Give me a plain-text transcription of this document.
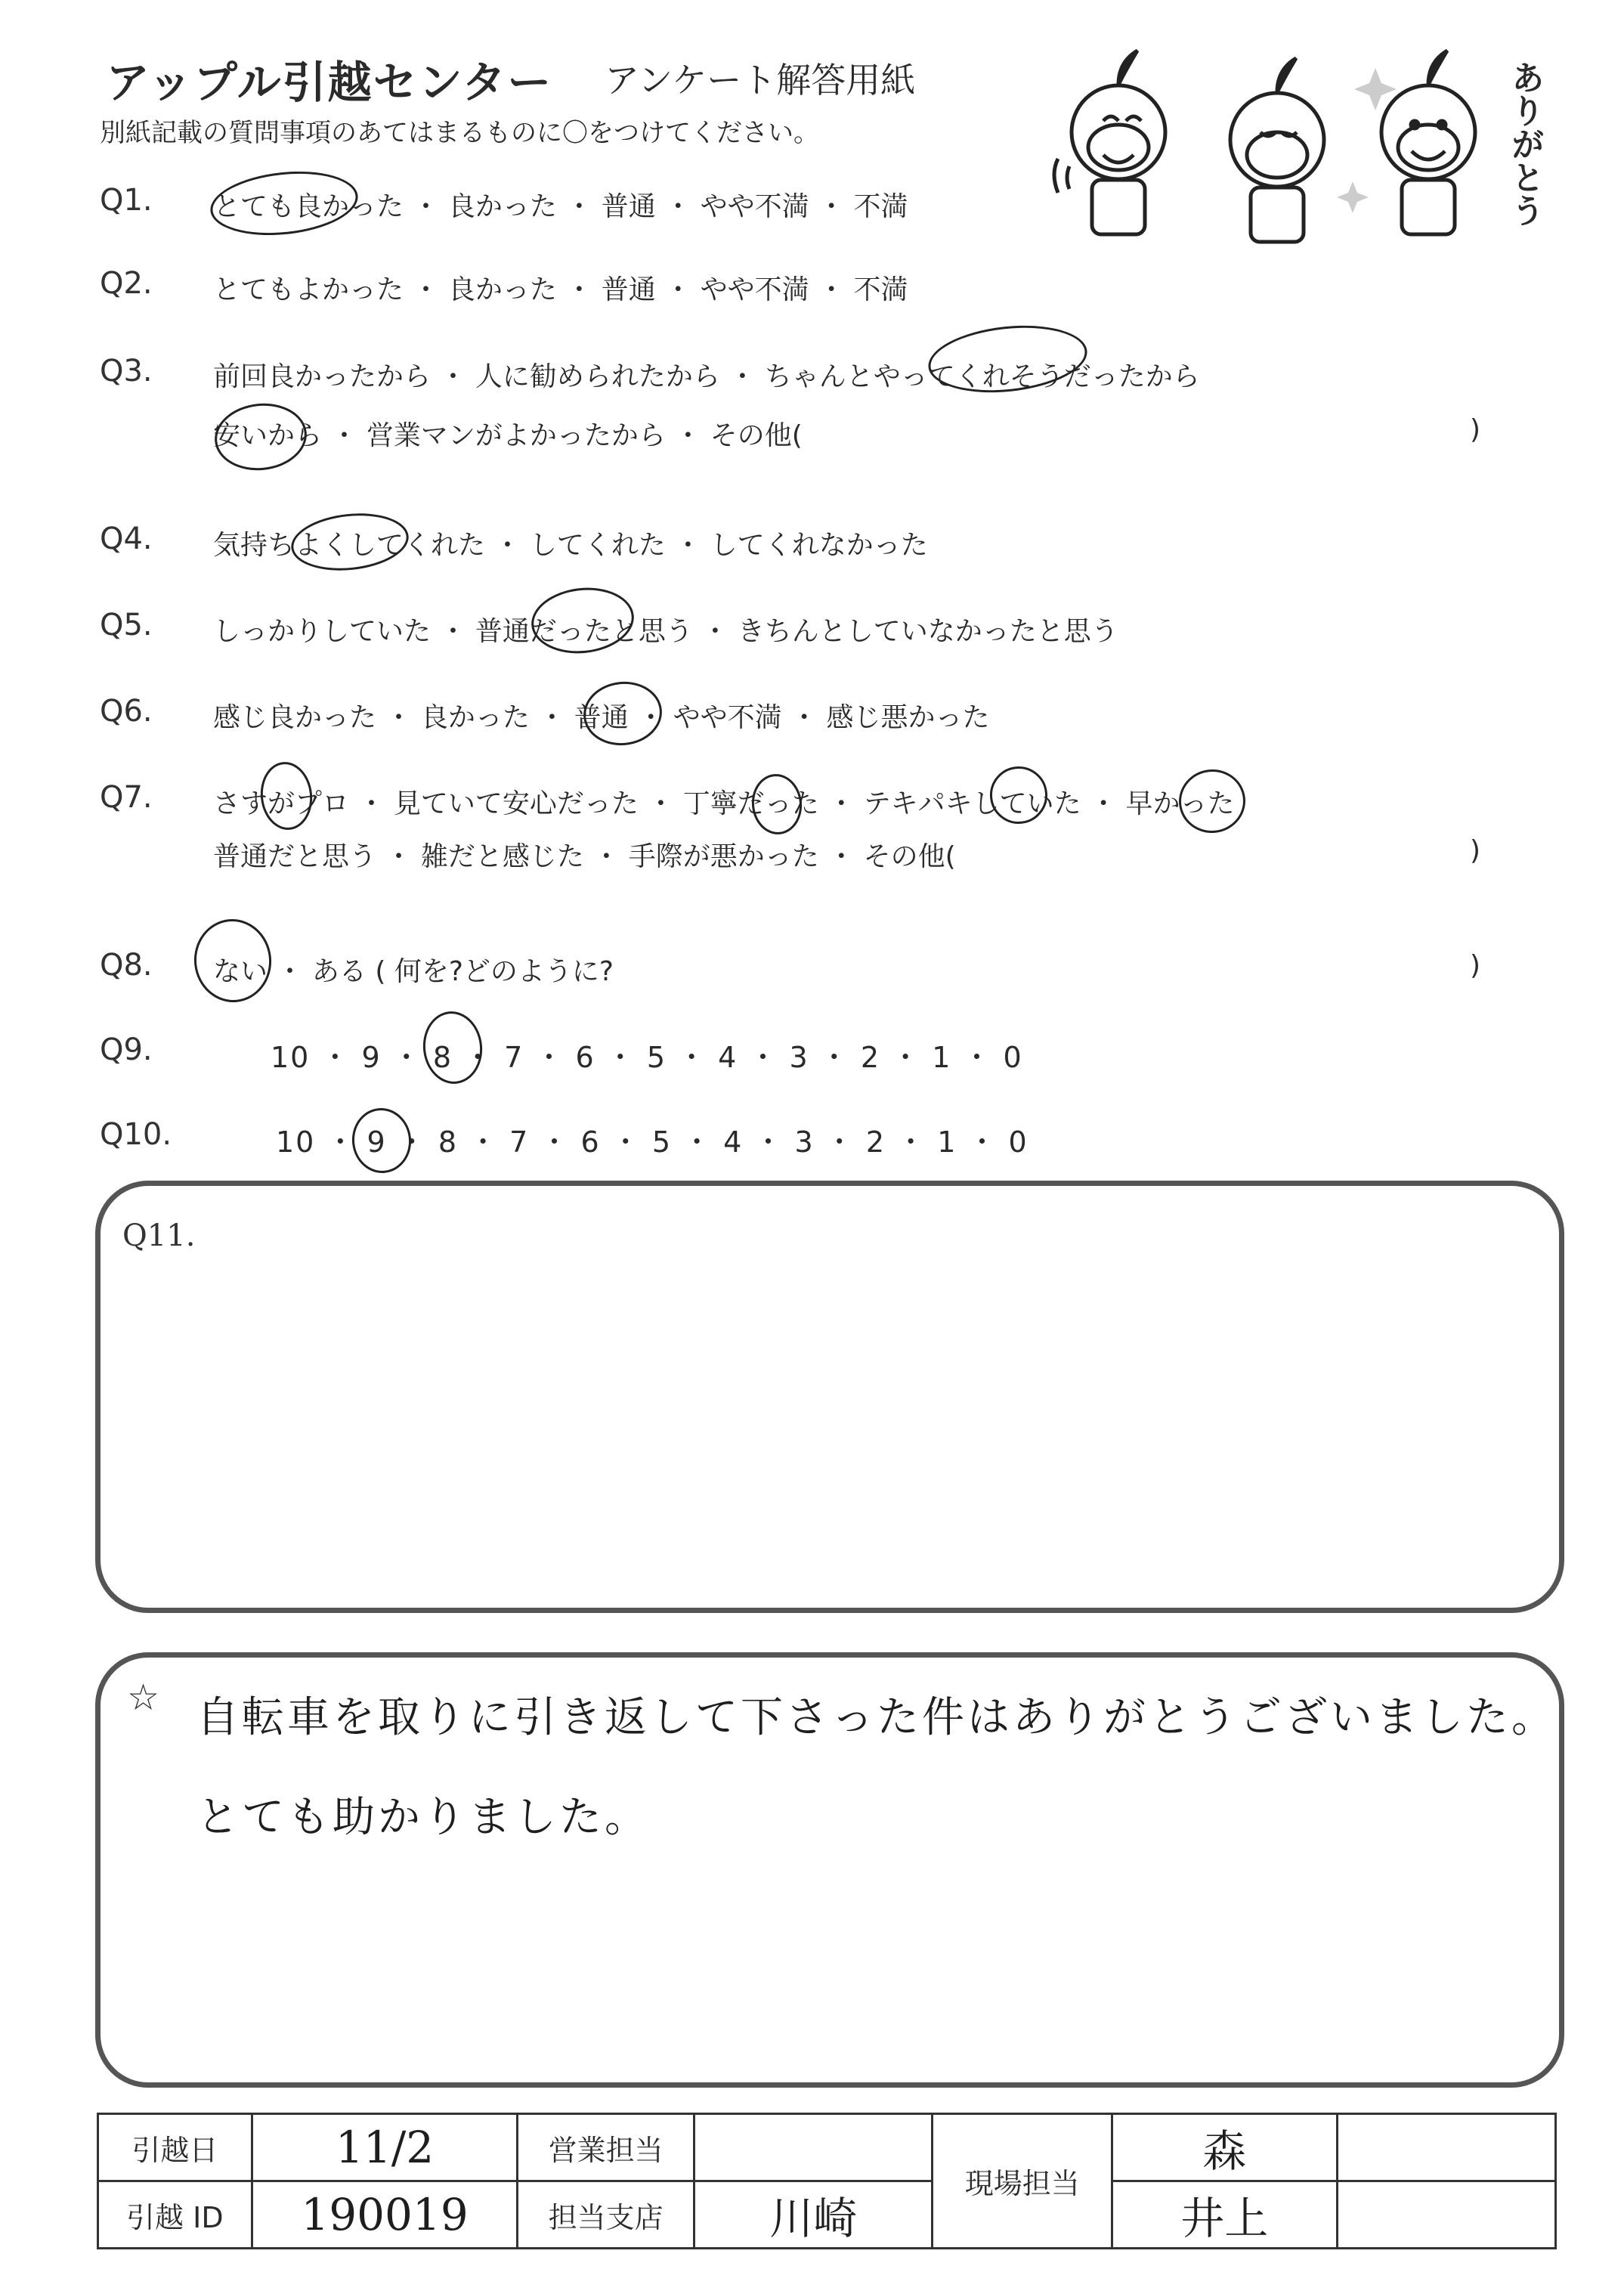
アップル引越センター アンケート解答用紙
別紙記載の質問事項のあてはまるものに〇をつけてください。	ありがとう
Q1. とても良かった ・ 良かった ・ 普通 ・ やや不満 ・ 不満
Q2. とてもよかった ・ 良かった ・ 普通 ・ やや不満 ・ 不満
Q3. 前回良かったから ・ 人に勧められたから ・ ちゃんとやってくれそうだったから
安いから ・ 営業マンがよかったから ・ その他(	)
Q4. 気持ちよくしてくれた ・ してくれた ・ してくれなかった
Q5. しっかりしていた ・ 普通だったと思う ・ きちんとしていなかったと思う
Q6. 感じ良かった ・ 良かった ・ 普通 ・ やや不満 ・ 感じ悪かった
Q7. さすがプロ ・ 見ていて安心だった ・ 丁寧だった ・ テキパキしていた ・ 早かった
普通だと思う ・ 雑だと感じた ・ 手際が悪かった ・ その他(	)
Q8. ない ・ ある ( 何を?どのように?	)
Q9.	10 ・ 9 ・ 8 ・ 7 ・ 6 ・ 5 ・ 4 ・ 3 ・ 2 ・ 1 ・ 0
Q10.	10 ・ 9 ・ 8 ・ 7 ・ 6 ・ 5 ・ 4 ・ 3 ・ 2 ・ 1 ・ 0
Q11.
☆ 自転車を取りに引き返して下さった件はありがとうございました。
とても助かりました。
引越日	11/2	営業担当		現場担当	森	
引越 ID	190019	担当支店	川崎		井上	
